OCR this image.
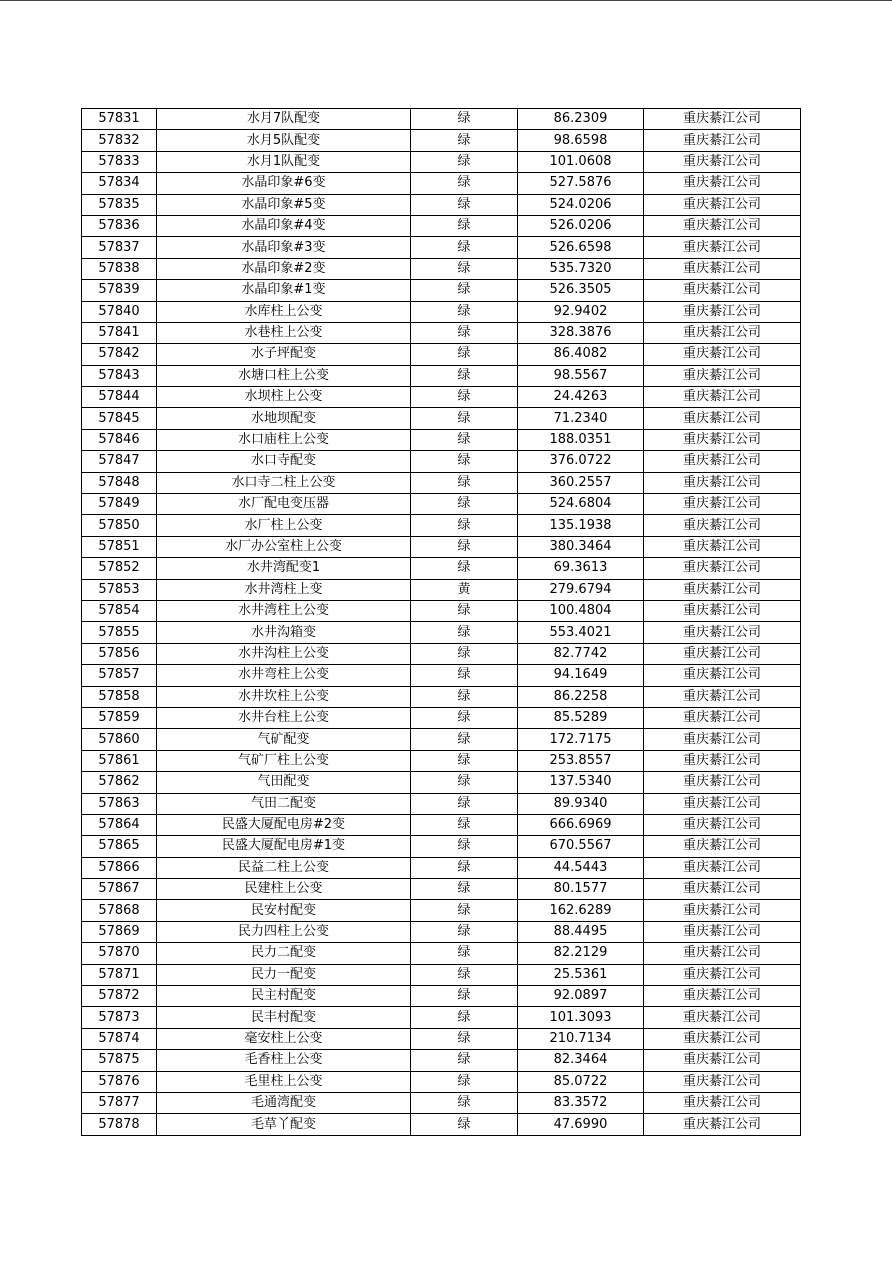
57831	水月7队配变	绿	86.2309	重庆綦江公司
57832	水月5队配变	绿	98.6598	重庆綦江公司
57833	水月1队配变	绿	101.0608	重庆綦江公司
57834	水晶印象#6变	绿	527.5876	重庆綦江公司
57835	水晶印象#5变	绿	524.0206	重庆綦江公司
57836	水晶印象#4变	绿	526.0206	重庆綦江公司
57837	水晶印象#3变	绿	526.6598	重庆綦江公司
57838	水晶印象#2变	绿	535.7320	重庆綦江公司
57839	水晶印象#1变	绿	526.3505	重庆綦江公司
57840	水库柱上公变	绿	92.9402	重庆綦江公司
57841	水巷柱上公变	绿	328.3876	重庆綦江公司
57842	水子坪配变	绿	86.4082	重庆綦江公司
57843	水塘口柱上公变	绿	98.5567	重庆綦江公司
57844	水坝柱上公变	绿	24.4263	重庆綦江公司
57845	水地坝配变	绿	71.2340	重庆綦江公司
57846	水口庙柱上公变	绿	188.0351	重庆綦江公司
57847	水口寺配变	绿	376.0722	重庆綦江公司
57848	水口寺二柱上公变	绿	360.2557	重庆綦江公司
57849	水厂配电变压器	绿	524.6804	重庆綦江公司
57850	水厂柱上公变	绿	135.1938	重庆綦江公司
57851	水厂办公室柱上公变	绿	380.3464	重庆綦江公司
57852	水井湾配变1	绿	69.3613	重庆綦江公司
57853	水井湾柱上变	黄	279.6794	重庆綦江公司
57854	水井湾柱上公变	绿	100.4804	重庆綦江公司
57855	水井沟箱变	绿	553.4021	重庆綦江公司
57856	水井沟柱上公变	绿	82.7742	重庆綦江公司
57857	水井弯柱上公变	绿	94.1649	重庆綦江公司
57858	水井坎柱上公变	绿	86.2258	重庆綦江公司
57859	水井台柱上公变	绿	85.5289	重庆綦江公司
57860	气矿配变	绿	172.7175	重庆綦江公司
57861	气矿厂柱上公变	绿	253.8557	重庆綦江公司
57862	气田配变	绿	137.5340	重庆綦江公司
57863	气田二配变	绿	89.9340	重庆綦江公司
57864	民盛大厦配电房#2变	绿	666.6969	重庆綦江公司
57865	民盛大厦配电房#1变	绿	670.5567	重庆綦江公司
57866	民益二柱上公变	绿	44.5443	重庆綦江公司
57867	民建柱上公变	绿	80.1577	重庆綦江公司
57868	民安村配变	绿	162.6289	重庆綦江公司
57869	民力四柱上公变	绿	88.4495	重庆綦江公司
57870	民力二配变	绿	82.2129	重庆綦江公司
57871	民力一配变	绿	25.5361	重庆綦江公司
57872	民主村配变	绿	92.0897	重庆綦江公司
57873	民丰村配变	绿	101.3093	重庆綦江公司
57874	毫安柱上公变	绿	210.7134	重庆綦江公司
57875	毛香柱上公变	绿	82.3464	重庆綦江公司
57876	毛里柱上公变	绿	85.0722	重庆綦江公司
57877	毛通湾配变	绿	83.3572	重庆綦江公司
57878	毛草丫配变	绿	47.6990	重庆綦江公司
